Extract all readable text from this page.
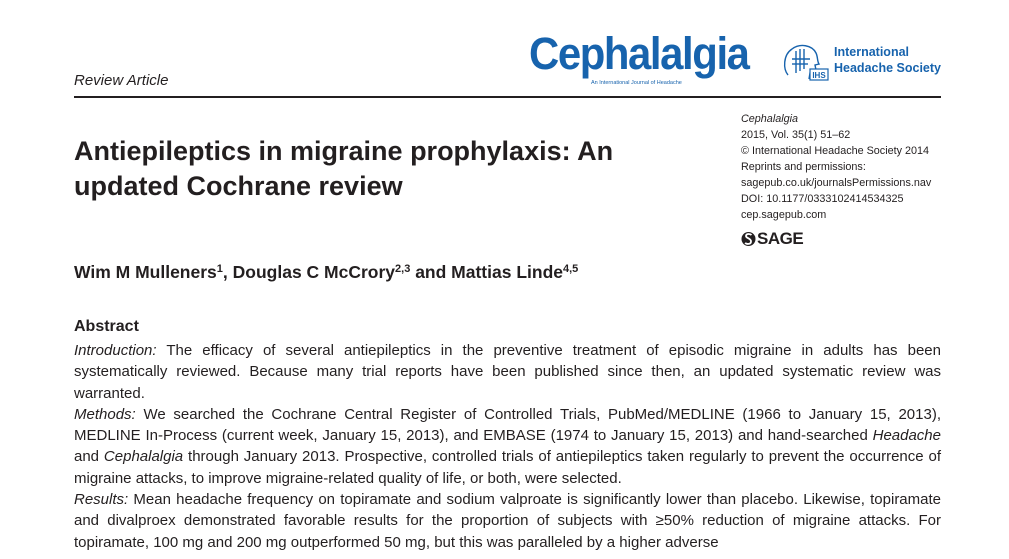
Review Article
Cephalalgia
An International Journal of Headache
IHS
International
Headache Society
Antiepileptics in migraine prophylaxis: An
updated Cochrane review
Cephalalgia
2015, Vol. 35(1) 51–62
© International Headache Society 2014
Reprints and permissions:
sagepub.co.uk/journalsPermissions.nav
DOI: 10.1177/0333102414534325
cep.sagepub.com
SAGE
Wim M Mulleners$^1$, Douglas C McCrory$^{2,3}$ and Mattias Linde$^{4,5}$
Abstract

Introduction: The efficacy of several antiepileptics in the preventive treatment of episodic migraine in adults has been systematically reviewed. Because many trial reports have been published since then, an updated systematic review was warranted.

Methods: We searched the Cochrane Central Register of Controlled Trials, PubMed/MEDLINE (1966 to January 15, 2013), MEDLINE In-Process (current week, January 15, 2013), and EMBASE (1974 to January 15, 2013) and hand-searched Headache and Cephalalgia through January 2013. Prospective, controlled trials of antiepileptics taken regularly to prevent the occurrence of migraine attacks, to improve migraine-related quality of life, or both, were selected.

Results: Mean headache frequency on topiramate and sodium valproate is significantly lower than placebo. Likewise, topiramate and divalproex demonstrated favorable results for the proportion of subjects with ≥50% reduction of migraine attacks. For topiramate, 100 mg and 200 mg outperformed 50 mg, but this was paralleled by a higher adverse
